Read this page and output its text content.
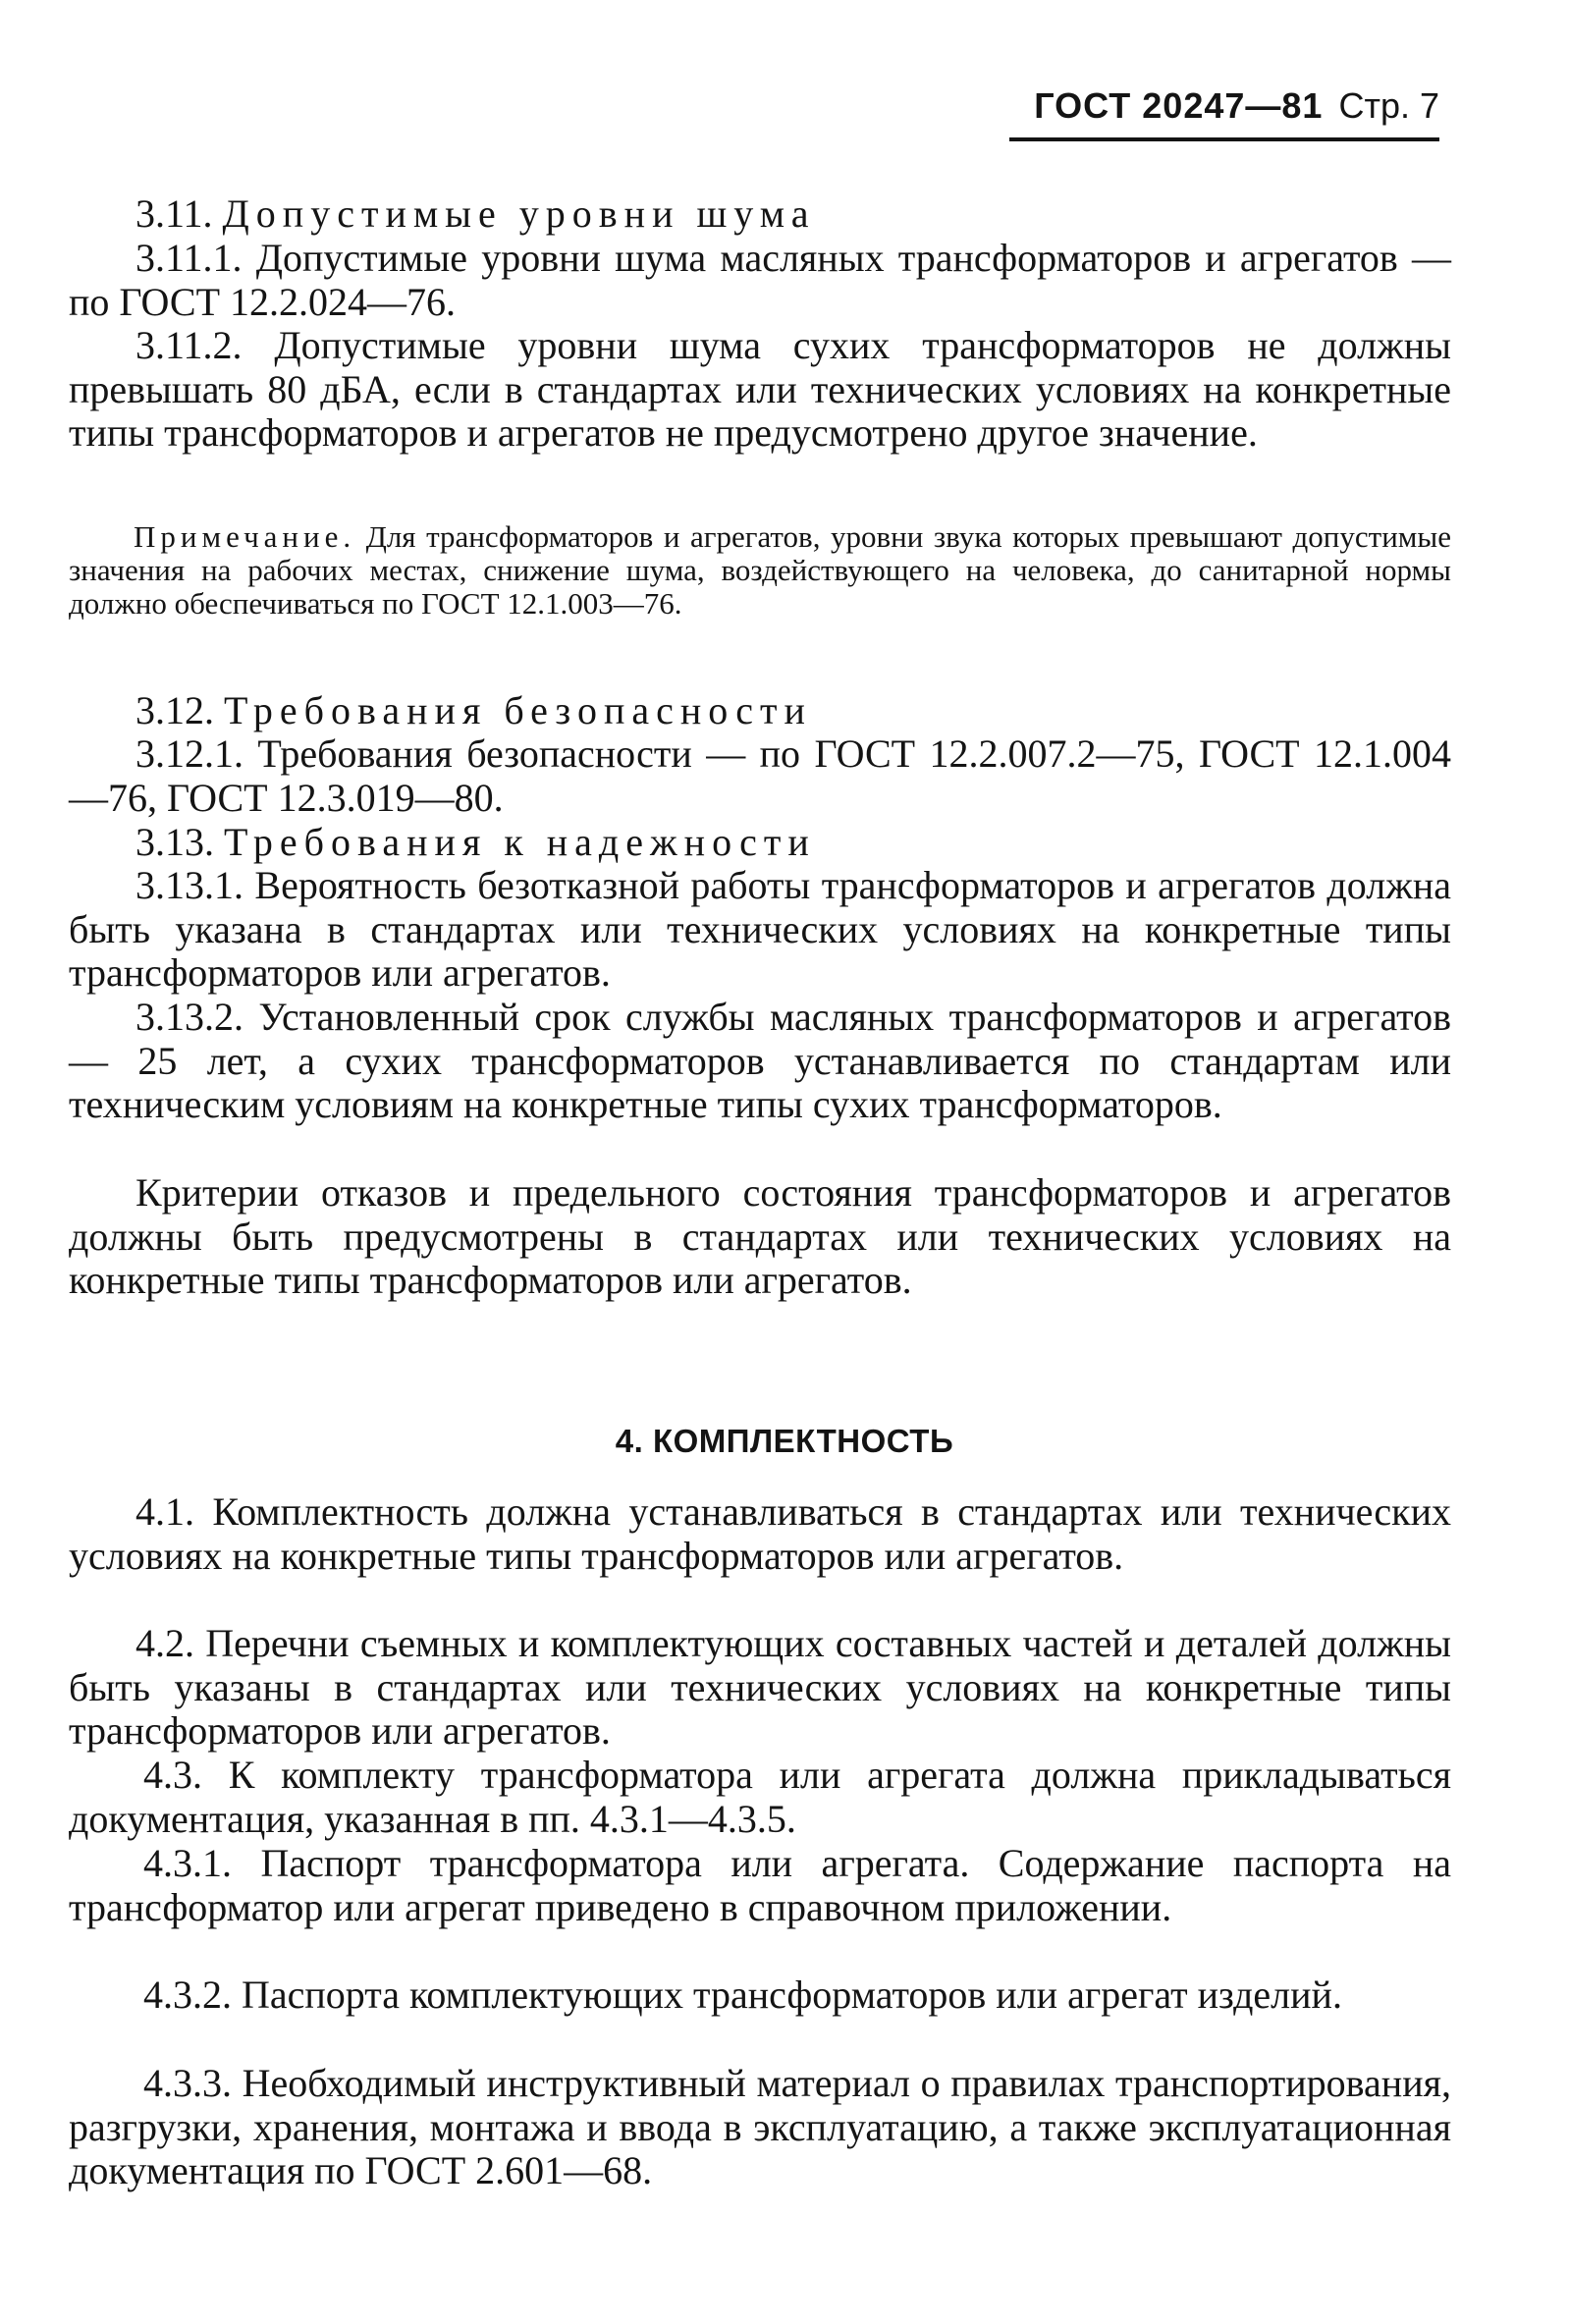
ГОСТ 20247—81 Стр. 7

3.11. Допустимые уровни шума

3.11.1. Допустимые уровни шума масляных трансформаторов и агрегатов — по ГОСТ 12.2.024—76.

3.11.2. Допустимые уровни шума сухих трансформаторов не должны превышать 80 дБА, если в стандартах или технических условиях на конкретные типы трансформаторов и агрегатов не предусмотрено другое значение.

Примечание. Для трансформаторов и агрегатов, уровни звука которых превышают допустимые значения на рабочих местах, снижение шума, воздействующего на человека, до санитарной нормы должно обеспечиваться по ГОСТ 12.1.003—76.

3.12. Требования безопасности

3.12.1. Требования безопасности — по ГОСТ 12.2.007.2—75, ГОСТ 12.1.004—76, ГОСТ 12.3.019—80.

3.13. Требования к надежности

3.13.1. Вероятность безотказной работы трансформаторов и агрегатов должна быть указана в стандартах или технических условиях на конкретные типы трансформаторов или агрегатов.

3.13.2. Установленный срок службы масляных трансформаторов и агрегатов — 25 лет, а сухих трансформаторов устанавливается по стандартам или техническим условиям на конкретные типы сухих трансформаторов.

Критерии отказов и предельного состояния трансформаторов и агрегатов должны быть предусмотрены в стандартах или технических условиях на конкретные типы трансформаторов или агрегатов.

4. КОМПЛЕКТНОСТЬ

4.1. Комплектность должна устанавливаться в стандартах или технических условиях на конкретные типы трансформаторов или агрегатов.

4.2. Перечни съемных и комплектующих составных частей и деталей должны быть указаны в стандартах или технических условиях на конкретные типы трансформаторов или агрегатов.

4.3. К комплекту трансформатора или агрегата должна прикладываться документация, указанная в пп. 4.3.1—4.3.5.

4.3.1. Паспорт трансформатора или агрегата. Содержание паспорта на трансформатор или агрегат приведено в справочном приложении.

4.3.2. Паспорта комплектующих трансформаторов или агрегат изделий.

4.3.3. Необходимый инструктивный материал о правилах транспортирования, разгрузки, хранения, монтажа и ввода в эксплуатацию, а также эксплуатационная документация по ГОСТ 2.601—68.
